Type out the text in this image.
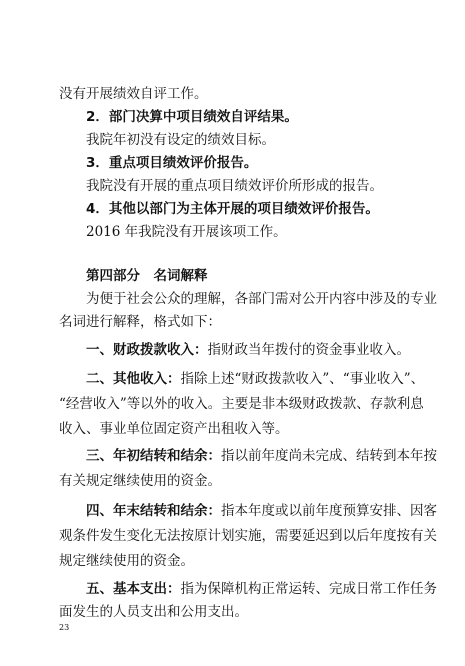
没有开展绩效自评工作。
2．部门决算中项目绩效自评结果。
我院年初没有设定的绩效目标。
3．重点项目绩效评价报告。
我院没有开展的重点项目绩效评价所形成的报告。
4．其他以部门为主体开展的项目绩效评价报告。
2016 年我院没有开展该项工作。
第四部分　名词解释
为便于社会公众的理解，各部门需对公开内容中涉及的专业
名词进行解释，格式如下：
一、财政拨款收入：指财政当年拨付的资金事业收入。
二、其他收入：指除上述“财政拨款收入”、“事业收入”、
“经营收入”等以外的收入。主要是非本级财政拨款、存款利息
收入、事业单位固定资产出租收入等。
三、年初结转和结余：指以前年度尚未完成、结转到本年按
有关规定继续使用的资金。
四、年末结转和结余：指本年度或以前年度预算安排、因客
观条件发生变化无法按原计划实施，需要延迟到以后年度按有关
规定继续使用的资金。
五、基本支出：指为保障机构正常运转、完成日常工作任务
面发生的人员支出和公用支出。
23
